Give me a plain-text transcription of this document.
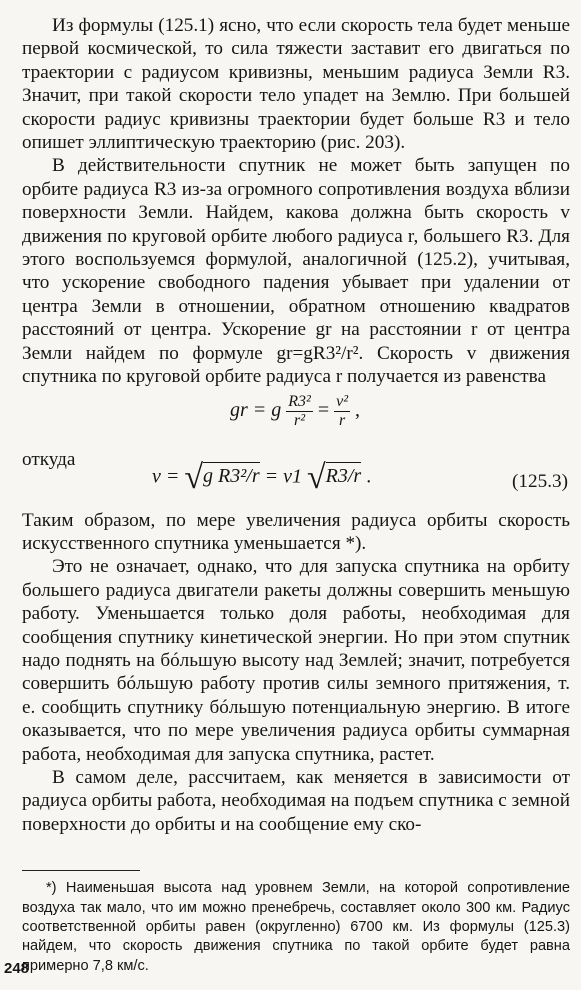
Из формулы (125.1) ясно, что если скорость тела будет меньше первой космической, то сила тяжести заставит его двигаться по траектории с радиусом кривизны, меньшим радиуса Земли R3. Значит, при такой скорости тело упадет на Землю. При большей скорости радиус кривизны траектории будет больше R3 и тело опишет эллиптическую траекторию (рис. 203).

В действительности спутник не может быть запущен по орбите радиуса R3 из-за огромного сопротивления воздуха вблизи поверхности Земли. Найдем, какова должна быть скорость v движения по круговой орбите любого радиуса r, большего R3. Для этого воспользуемся формулой, аналогичной (125.2), учитывая, что ускорение свободного падения убывает при удалении от центра Земли в отношении, обратном отношению квадратов расстояний от центра. Ускорение gr на расстоянии r от центра Земли найдем по формуле gr=gR3²/r². Скорость v движения спутника по круговой орбите радиуса r получается из равенства

gr = g $\frac{\text{R3²}}{\text{r²}} = \frac{\text{v²}}{r}$ ,
откуда
v = √g R3²/r = v1 √R3/r .	(125.3)

Таким образом, по мере увеличения радиуса орбиты скорость искусственного спутника уменьшается *).

Это не означает, однако, что для запуска спутника на орбиту большего радиуса двигатели ракеты должны совершить меньшую работу. Уменьшается только доля работы, необходимая для сообщения спутнику кинетической энергии. Но при этом спутник надо поднять на бóльшую высоту над Землей; значит, потребуется совершить бóльшую работу против силы земного притяжения, т. е. сообщить спутнику бóльшую потенциальную энергию. В итоге оказывается, что по мере увеличения радиуса орбиты суммарная работа, необходимая для запуска спутника, растет.

В самом деле, рассчитаем, как меняется в зависимости от радиуса орбиты работа, необходимая на подъем спутника с земной поверхности до орбиты и на сообщение ему ско-

*) Наименьшая высота над уровнем Земли, на которой сопротивление воздуха так мало, что им можно пренебречь, составляет около 300 км. Радиус соответствeнной орбиты равен (округленно) 6700 км. Из формулы (125.3) найдем, что скорость движения спутника по такой орбите будет равна примерно 7,8 км/с.

248
